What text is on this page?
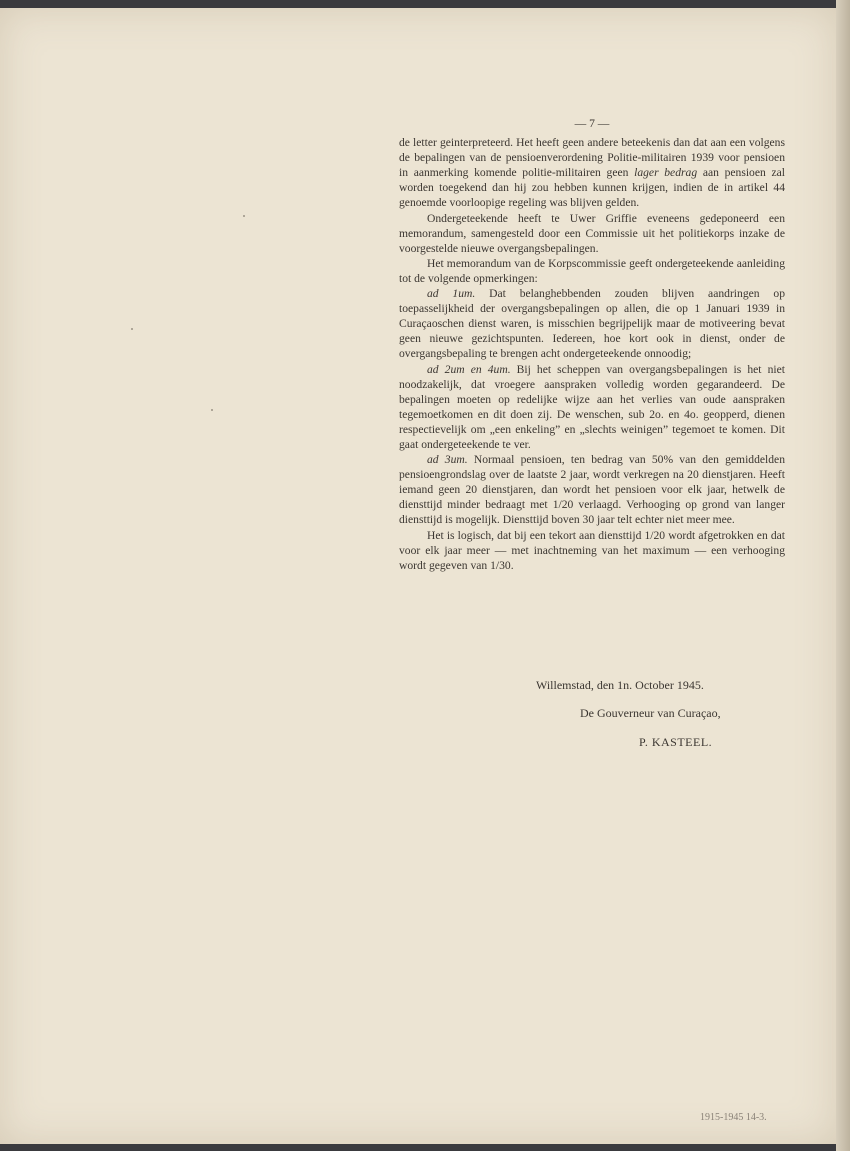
— 7 —

de letter geinterpreteerd. Het heeft geen andere beteekenis dan dat aan een volgens de bepalingen van de pensioenverordening Politie-militairen 1939 voor pensioen in aanmerking komende politie-militairen geen lager bedrag aan pensioen zal worden toegekend dan hij zou hebben kunnen krijgen, indien de in artikel 44 genoemde voorloopige regeling was blijven gelden.

Ondergeteekende heeft te Uwer Griffie eveneens gedeponeerd een memorandum, samengesteld door een Commissie uit het politiekorps inzake de voorgestelde nieuwe overgangsbepalingen.

Het memorandum van de Korpscommissie geeft ondergeteekende aanleiding tot de volgende opmerkingen:

ad 1um. Dat belanghebbenden zouden blijven aandringen op toepasselijkheid der overgangsbepalingen op allen, die op 1 Januari 1939 in Curaçaoschen dienst waren, is misschien begrijpelijk maar de motiveering bevat geen nieuwe gezichtspunten. Iedereen, hoe kort ook in dienst, onder de overgangsbepaling te brengen acht ondergeteekende onnoodig;

ad 2um en 4um. Bij het scheppen van overgangsbepalingen is het niet noodzakelijk, dat vroegere aanspraken volledig worden gegarandeerd. De bepalingen moeten op redelijke wijze aan het verlies van oude aanspraken tegemoetkomen en dit doen zij. De wenschen, sub 2o. en 4o. geopperd, dienen respectievelijk om „een enkeling” en „slechts weinigen” tegemoet te komen. Dit gaat ondergeteekende te ver.

ad 3um. Normaal pensioen, ten bedrag van 50% van den gemiddelden pensioengrondslag over de laatste 2 jaar, wordt verkregen na 20 dienstjaren. Heeft iemand geen 20 dienstjaren, dan wordt het pensioen voor elk jaar, hetwelk de diensttijd minder bedraagt met 1/20 verlaagd. Verhooging op grond van langer diensttijd is mogelijk. Diensttijd boven 30 jaar telt echter niet meer mee.

Het is logisch, dat bij een tekort aan diensttijd 1/20 wordt afgetrokken en dat voor elk jaar meer — met inachtneming van het maximum — een verhooging wordt gegeven van 1/30.

Willemstad, den 1n. October 1945.
De Gouverneur van Curaçao,
P. KASTEEL.
1915-1945 14-3.
